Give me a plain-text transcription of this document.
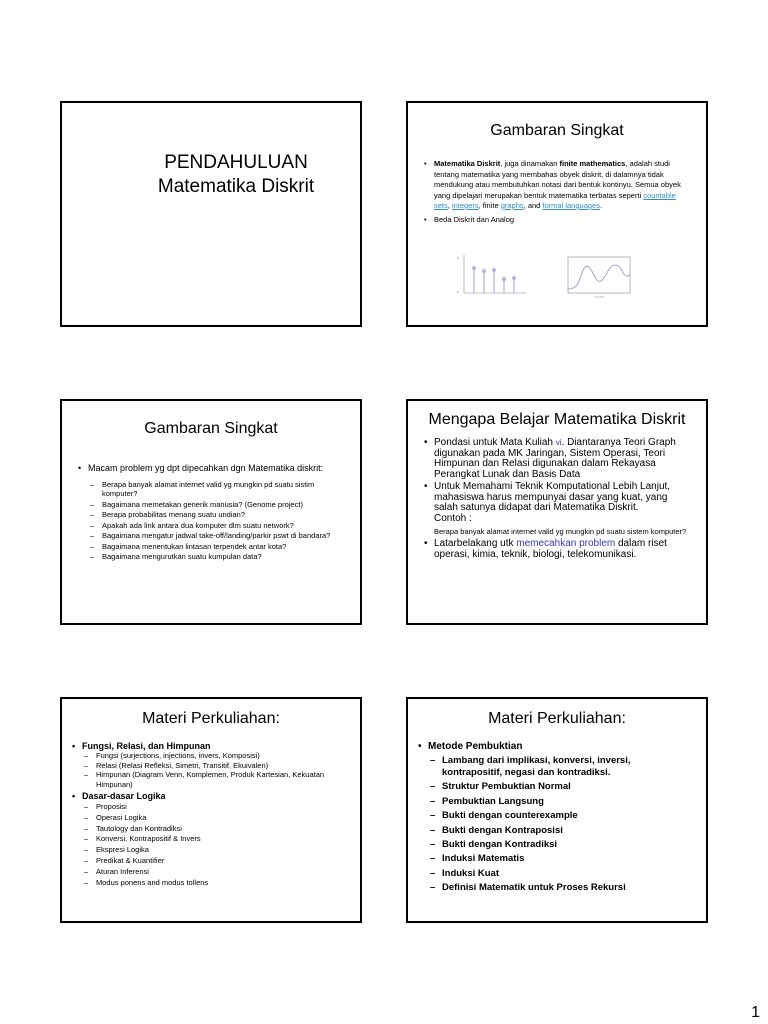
PENDAHULUAN
Matematika Diskrit
Gambaran Singkat
• Matematika Diskrit, juga dinamakan finite mathematics, adalah studi tentang matematika yang membahas obyek diskrit, di dalamnya tidak mendukung atau membutuhkan notasi dari bentuk kontinyu. Semua obyek yang dipelajari merupakan bentuk matematika terbatas seperti countable sets, integers, finite graphs, and formal languages.
• Beda Diskrit dan Analog
9
0
Gambaran Singkat
• Macam problem yg dpt dipecahkan dgn Matematika diskrit:
– Berapa banyak alamat internet valid yg mungkin pd suatu sistim komputer?
– Bagaimana memetakan generik manusia? (Genome project)
– Berapa probabilitas menang suatu undian?
– Apakah ada link antara dua komputer dlm suatu network?
– Bagaimana mengatur jadwal take-off/landing/parkir pswt di bandara?
– Bagaimana menentukan lintasan terpendek antar kota?
– Bagaimana mengurutkan suatu kumpulan data?
Mengapa Belajar Matematika Diskrit
• Pondasi untuk Mata Kuliah vi. Diantaranya Teori Graph digunakan pada MK Jaringan, Sistem Operasi, Teori Himpunan dan Relasi digunakan dalam Rekayasa Perangkat Lunak dan Basis Data
• Untuk Memahami Teknik Komputational Lebih Lanjut, mahasiswa harus mempunyai dasar yang kuat, yang salah satunya didapat dari Matematika Diskrit.
Contoh :
Berapa banyak alamat internet valid yg mungkin pd suatu sistem komputer?
• Latarbelakang utk memecahkan problem dalam riset operasi, kimia, teknik, biologi, telekomunikasi.
Materi Perkuliahan:
• Fungsi, Relasi, dan Himpunan
– Fungsi (surjections, injections, invers, Komposisi)
– Relasi (Relasi Refleksi, Simetri, Transitif, Ekuivalen)
– Himpunan (Diagram Venn, Komplemen, Produk Kartesian, Kekuatan Himpunan)
• Dasar-dasar Logika
– Proposisi
– Operasi Logika
– Tautology dan Kontradiksi
– Konversi, Kontrapositif & Invers
– Ekspresi Logika
– Predikat & Kuantifier
– Aturan Inferensi
– Modus ponens and modus tollens
Materi Perkuliahan:
• Metode Pembuktian
– Lambang dari implikasi, konversi, inversi, kontrapositif, negasi dan kontradiksi.
– Struktur Pembuktian Normal
– Pembuktian Langsung
– Bukti dengan counterexample
– Bukti dengan Kontraposisi
– Bukti dengan Kontradiksi
– Induksi Matematis
– Induksi Kuat
– Definisi Matematik untuk Proses Rekursi
1
